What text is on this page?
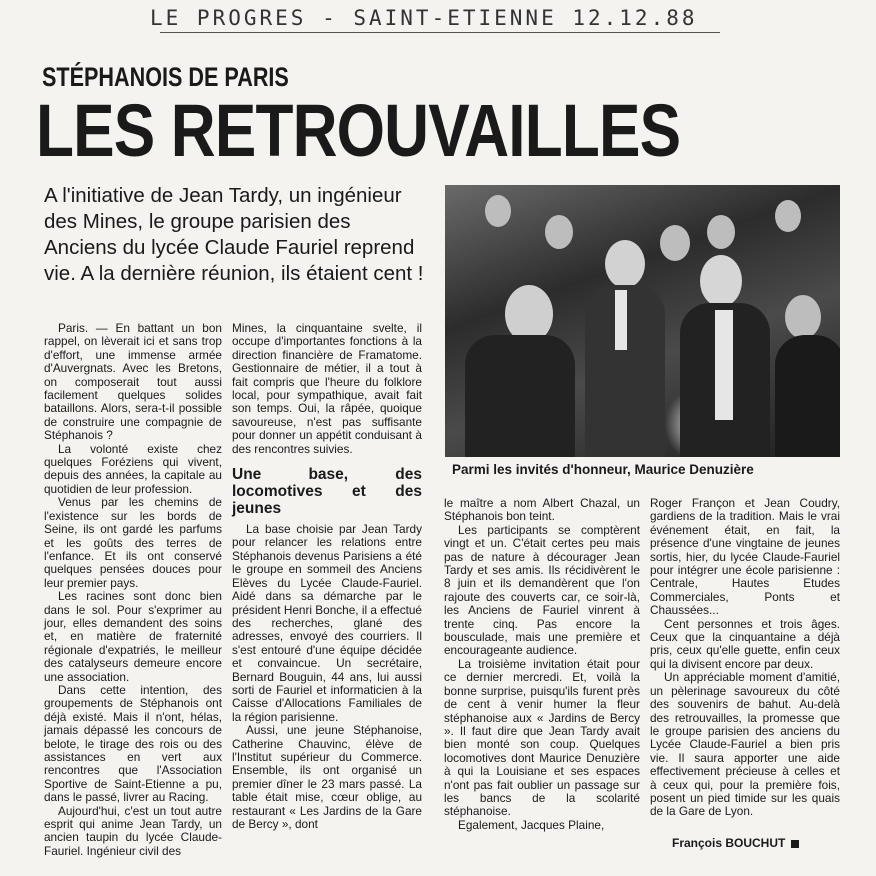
LE PROGRES - SAINT-ETIENNE 12.12.88
STÉPHANOIS DE PARIS
LES RETROUVAILLES
A l'initiative de Jean Tardy, un ingénieur des Mines, le groupe parisien des Anciens du lycée Claude Fauriel reprend vie. A la dernière réunion, ils étaient cent !
Parmi les invités d'honneur, Maurice Denuzière

Paris. — En battant un bon rappel, on lèverait ici et sans trop d'effort, une immense armée d'Auvergnats. Avec les Bretons, on composerait tout aussi facilement quelques solides bataillons. Alors, sera-t-il possible de construire une compagnie de Stéphanois ?

La volonté existe chez quelques Foréziens qui vivent, depuis des années, la capitale au quotidien de leur profession.

Venus par les chemins de l'existence sur les bords de Seine, ils ont gardé les parfums et les goûts des terres de l'enfance. Et ils ont conservé quelques pensées douces pour leur premier pays.

Les racines sont donc bien dans le sol. Pour s'exprimer au jour, elles demandent des soins et, en matière de fraternité régionale d'expatriés, le meilleur des catalyseurs demeure encore une association.

Dans cette intention, des groupements de Stéphanois ont déjà existé. Mais il n'ont, hélas, jamais dépassé les concours de belote, le tirage des rois ou des assistances en vert aux rencontres que l'Association Sportive de Saint-Etienne a pu, dans le passé, livrer au Racing.

Aujourd'hui, c'est un tout autre esprit qui anime Jean Tardy, un ancien taupin du lycée Claude-Fauriel. Ingénieur civil des

Mines, la cinquantaine svelte, il occupe d'importantes fonctions à la direction financière de Framatome. Gestionnaire de métier, il a tout à fait compris que l'heure du folklore local, pour sympathique, avait fait son temps. Oui, la râpée, quoique savoureuse, n'est pas suffisante pour donner un appétit conduisant à des rencontres suivies.

Une base, des locomotives et des jeunes

La base choisie par Jean Tardy pour relancer les relations entre Stéphanois devenus Parisiens a été le groupe en sommeil des Anciens Elèves du Lycée Claude-Fauriel. Aidé dans sa démarche par le président Henri Bonche, il a effectué des recherches, glané des adresses, envoyé des courriers. Il s'est entouré d'une équipe décidée et convaincue. Un secrétaire, Bernard Bouguin, 44 ans, lui aussi sorti de Fauriel et informaticien à la Caisse d'Allocations Familiales de la région parisienne.

Aussi, une jeune Stéphanoise, Catherine Chauvinc, élève de l'Institut supérieur du Commerce. Ensemble, ils ont organisé un premier dîner le 23 mars passé. La table était mise, cœur oblige, au restaurant « Les Jardins de la Gare de Bercy », dont

le maître a nom Albert Chazal, un Stéphanois bon teint.

Les participants se comptèrent vingt et un. C'était certes peu mais pas de nature à décourager Jean Tardy et ses amis. Ils récidivèrent le 8 juin et ils demandèrent que l'on rajoute des couverts car, ce soir-là, les Anciens de Fauriel vinrent à trente cinq. Pas encore la bousculade, mais une première et encourageante audience.

La troisième invitation était pour ce dernier mercredi. Et, voilà la bonne surprise, puisqu'ils furent près de cent à venir humer la fleur stéphanoise aux « Jardins de Bercy ». Il faut dire que Jean Tardy avait bien monté son coup. Quelques locomotives dont Maurice Denuzière à qui la Louisiane et ses espaces n'ont pas fait oublier un passage sur les bancs de la scolarité stéphanoise.

Egalement, Jacques Plaine,

Roger Françon et Jean Coudry, gardiens de la tradition. Mais le vrai événement était, en fait, la présence d'une vingtaine de jeunes sortis, hier, du lycée Claude-Fauriel pour intégrer une école parisienne : Centrale, Hautes Etudes Commerciales, Ponts et Chaussées...

Cent personnes et trois âges. Ceux que la cinquantaine a déjà pris, ceux qu'elle guette, enfin ceux qui la divisent encore par deux.

Un appréciable moment d'amitié, un pèlerinage savoureux du côté des souvenirs de bahut. Au-delà des retrouvailles, la promesse que le groupe parisien des anciens du Lycée Claude-Fauriel a bien pris vie. Il saura apporter une aide effectivement précieuse à celles et à ceux qui, pour la première fois, posent un pied timide sur les quais de la Gare de Lyon.

François BOUCHUT
